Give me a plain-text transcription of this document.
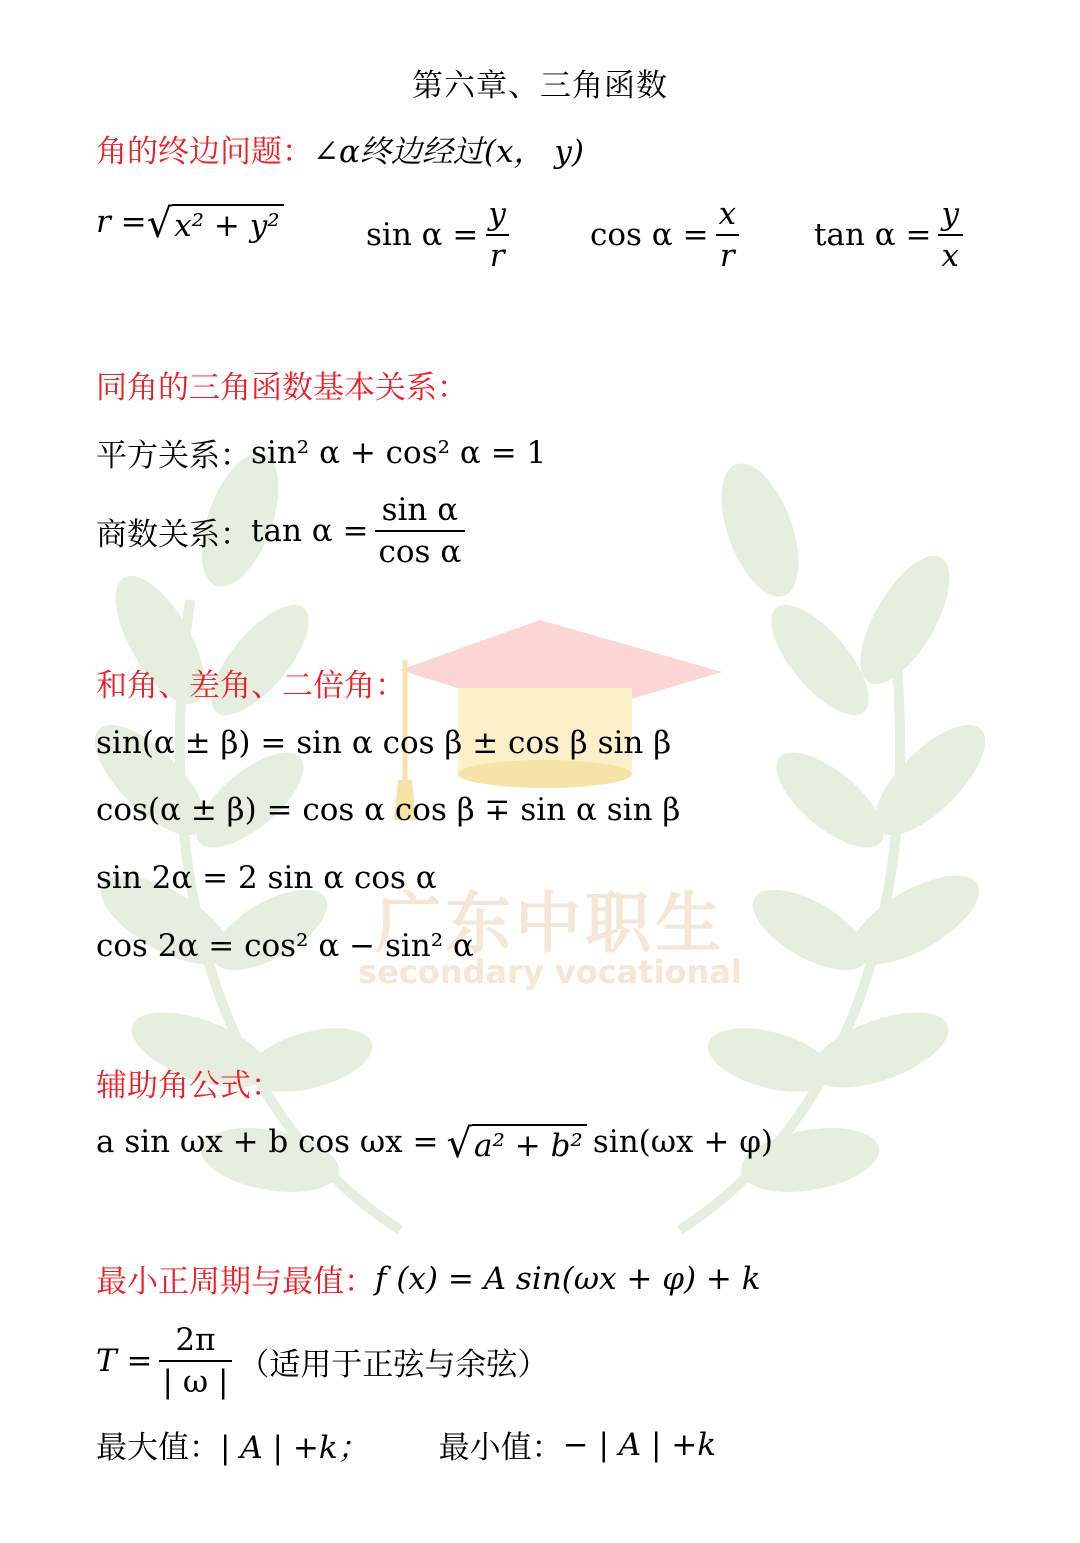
广东中职生
secondary vocational
第六章、三角函数
角的终边问题： ∠α终边经过(x， y)
r = √ x² + y²	$\sin \alpha = \frac{y}{r}$	$\cos \alpha = \frac{x}{r}$ $\tan \alpha = \frac{y}{x}$
同角的三角函数基本关系：
平方关系： sin² α + cos² α = 1
商数关系： $\tan \alpha = \frac{\text{sin α}}{\text{cos α}}$
和角、差角、二倍角：
sin(α ± β) = sin α cos β ± cos β sin β
cos(α ± β) = cos α cos β ∓ sin α sin β
sin 2α = 2 sin α cos α
cos 2α = cos² α − sin² α
辅助角公式：
a sin ωx + b cos ωx = √ a² + b² sin(ωx + φ)
最小正周期与最值： f (x) = A sin(ωx + φ) + k
$T = \frac{2\pi}{| \omega |}$ （适用于正弦与余弦）
最大值： | A | +k； 最小值： − | A | +k
